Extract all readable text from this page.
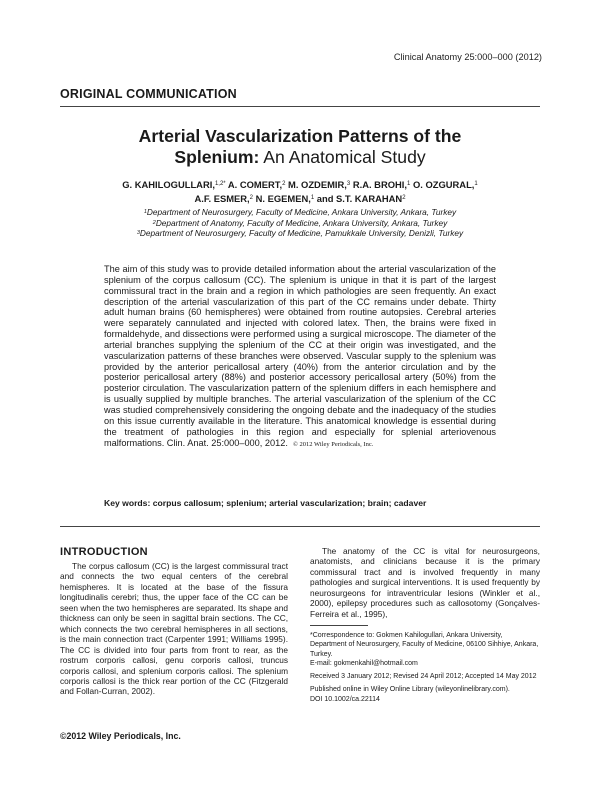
Clinical Anatomy 25:000–000 (2012)
ORIGINAL COMMUNICATION
Arterial Vascularization Patterns of the
Splenium: An Anatomical Study
G. KAHILOGULLARI,$^{1,2*}$ A. COMERT,$^2$ M. OZDEMIR,$^3$ R.A. BROHI,$^1$ O. OZGURAL,$^1$
A.F. ESMER,$^2$ N. EGEMEN,$^1$ and S.T. KARAHAN$^2$
$^1$Department of Neurosurgery, Faculty of Medicine, Ankara University, Ankara, Turkey
$^2$Department of Anatomy, Faculty of Medicine, Ankara University, Ankara, Turkey
$^3$Department of Neurosurgery, Faculty of Medicine, Pamukkale University, Denizli, Turkey
The aim of this study was to provide detailed information about the arterial vascularization of the splenium of the corpus callosum (CC). The splenium is unique in that it is part of the largest commissural tract in the brain and a region in which pathologies are seen frequently. An exact description of the arterial vascularization of this part of the CC remains under debate. Thirty adult human brains (60 hemispheres) were obtained from routine autopsies. Cerebral arteries were separately cannulated and injected with colored latex. Then, the brains were fixed in formaldehyde, and dissections were performed using a surgical microscope. The diameter of the arterial branches supplying the splenium of the CC at their origin was investigated, and the vascularization patterns of these branches were observed. Vascular supply to the splenium was provided by the anterior pericallosal artery (40%) from the anterior circulation and by the posterior pericallosal artery (88%) and posterior accessory pericallosal artery (50%) from the posterior circulation. The vascularization pattern of the splenium differs in each hemisphere and is usually supplied by multiple branches. The arterial vascularization of the splenium of the CC was studied comprehensively considering the ongoing debate and the inadequacy of the studies on this issue currently available in the literature. This anatomical knowledge is essential during the treatment of pathologies in this region and especially for splenial arteriovenous malformations. Clin. Anat. 25:000–000, 2012. © 2012 Wiley Periodicals, Inc.
Key words: corpus callosum; splenium; arterial vascularization; brain; cadaver
INTRODUCTION
The corpus callosum (CC) is the largest commissural tract and connects the two equal centers of the cerebral hemispheres. It is located at the base of the fissura longitudinalis cerebri; thus, the upper face of the CC can be seen when the two hemispheres are separated. Its shape and thickness can only be seen in sagittal brain sections. The CC, which connects the two cerebral hemispheres in all sections, is the main connection tract (Carpenter 1991; Williams 1995). The CC is divided into four parts from front to rear, as the rostrum corporis callosi, genu corporis callosi, truncus corporis callosi, and splenium corporis callosi. The splenium corporis callosi is the thick rear portion of the CC (Fitzgerald and Follan-Curran, 2002).
The anatomy of the CC is vital for neurosurgeons, anatomists, and clinicians because it is the primary commissural tract and is involved frequently in many pathologies and surgical interventions. It is used frequently by neurosurgeons for intraventricular lesions (Winkler et al., 2000), epilepsy procedures such as callosotomy (Gonçalves-Ferreira et al., 1995),

*Correspondence to: Gokmen Kahilogullari, Ankara University, Department of Neurosurgery, Faculty of Medicine, 06100 Sihhiye, Ankara, Turkey.
E-mail: gokmenkahil@hotmail.com

Received 3 January 2012; Revised 24 April 2012; Accepted 14 May 2012

Published online in Wiley Online Library (wileyonlinelibrary.com).
DOI 10.1002/ca.22114

©2012 Wiley Periodicals, Inc.
